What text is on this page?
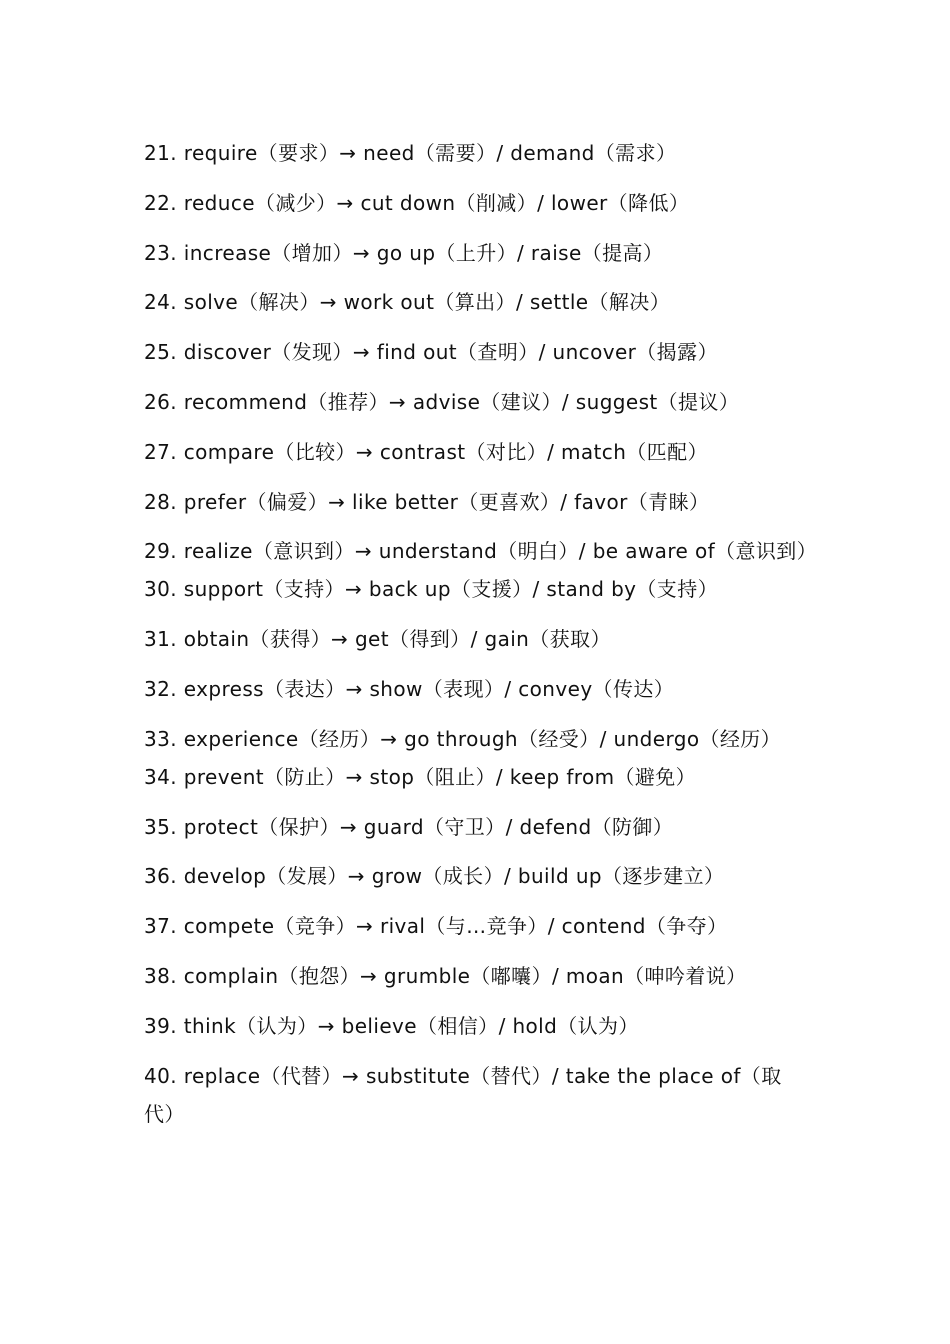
21. require（要求）→ need（需要）/ demand（需求）

22. reduce（减少）→ cut down（削减）/ lower（降低）

23. increase（增加）→ go up（上升）/ raise（提高）

24. solve（解决）→ work out（算出）/ settle（解决）

25. discover（发现）→ find out（查明）/ uncover（揭露）

26. recommend（推荐）→ advise（建议）/ suggest（提议）

27. compare（比较）→ contrast（对比）/ match（匹配）

28. prefer（偏爱）→ like better（更喜欢）/ favor（青睐）

29. realize（意识到）→ understand（明白）/ be aware of（意识到）

30. support（支持）→ back up（支援）/ stand by（支持）

31. obtain（获得）→ get（得到）/ gain（获取）

32. express（表达）→ show（表现）/ convey（传达）

33. experience（经历）→ go through（经受）/ undergo（经历）

34. prevent（防止）→ stop（阻止）/ keep from（避免）

35. protect（保护）→ guard（守卫）/ defend（防御）

36. develop（发展）→ grow（成长）/ build up（逐步建立）

37. compete（竞争）→ rival（与…竞争）/ contend（争夺）

38. complain（抱怨）→ grumble（嘟囔）/ moan（呻吟着说）

39. think（认为）→ believe（相信）/ hold（认为）

40. replace（代替）→ substitute（替代）/ take the place of（取代）
